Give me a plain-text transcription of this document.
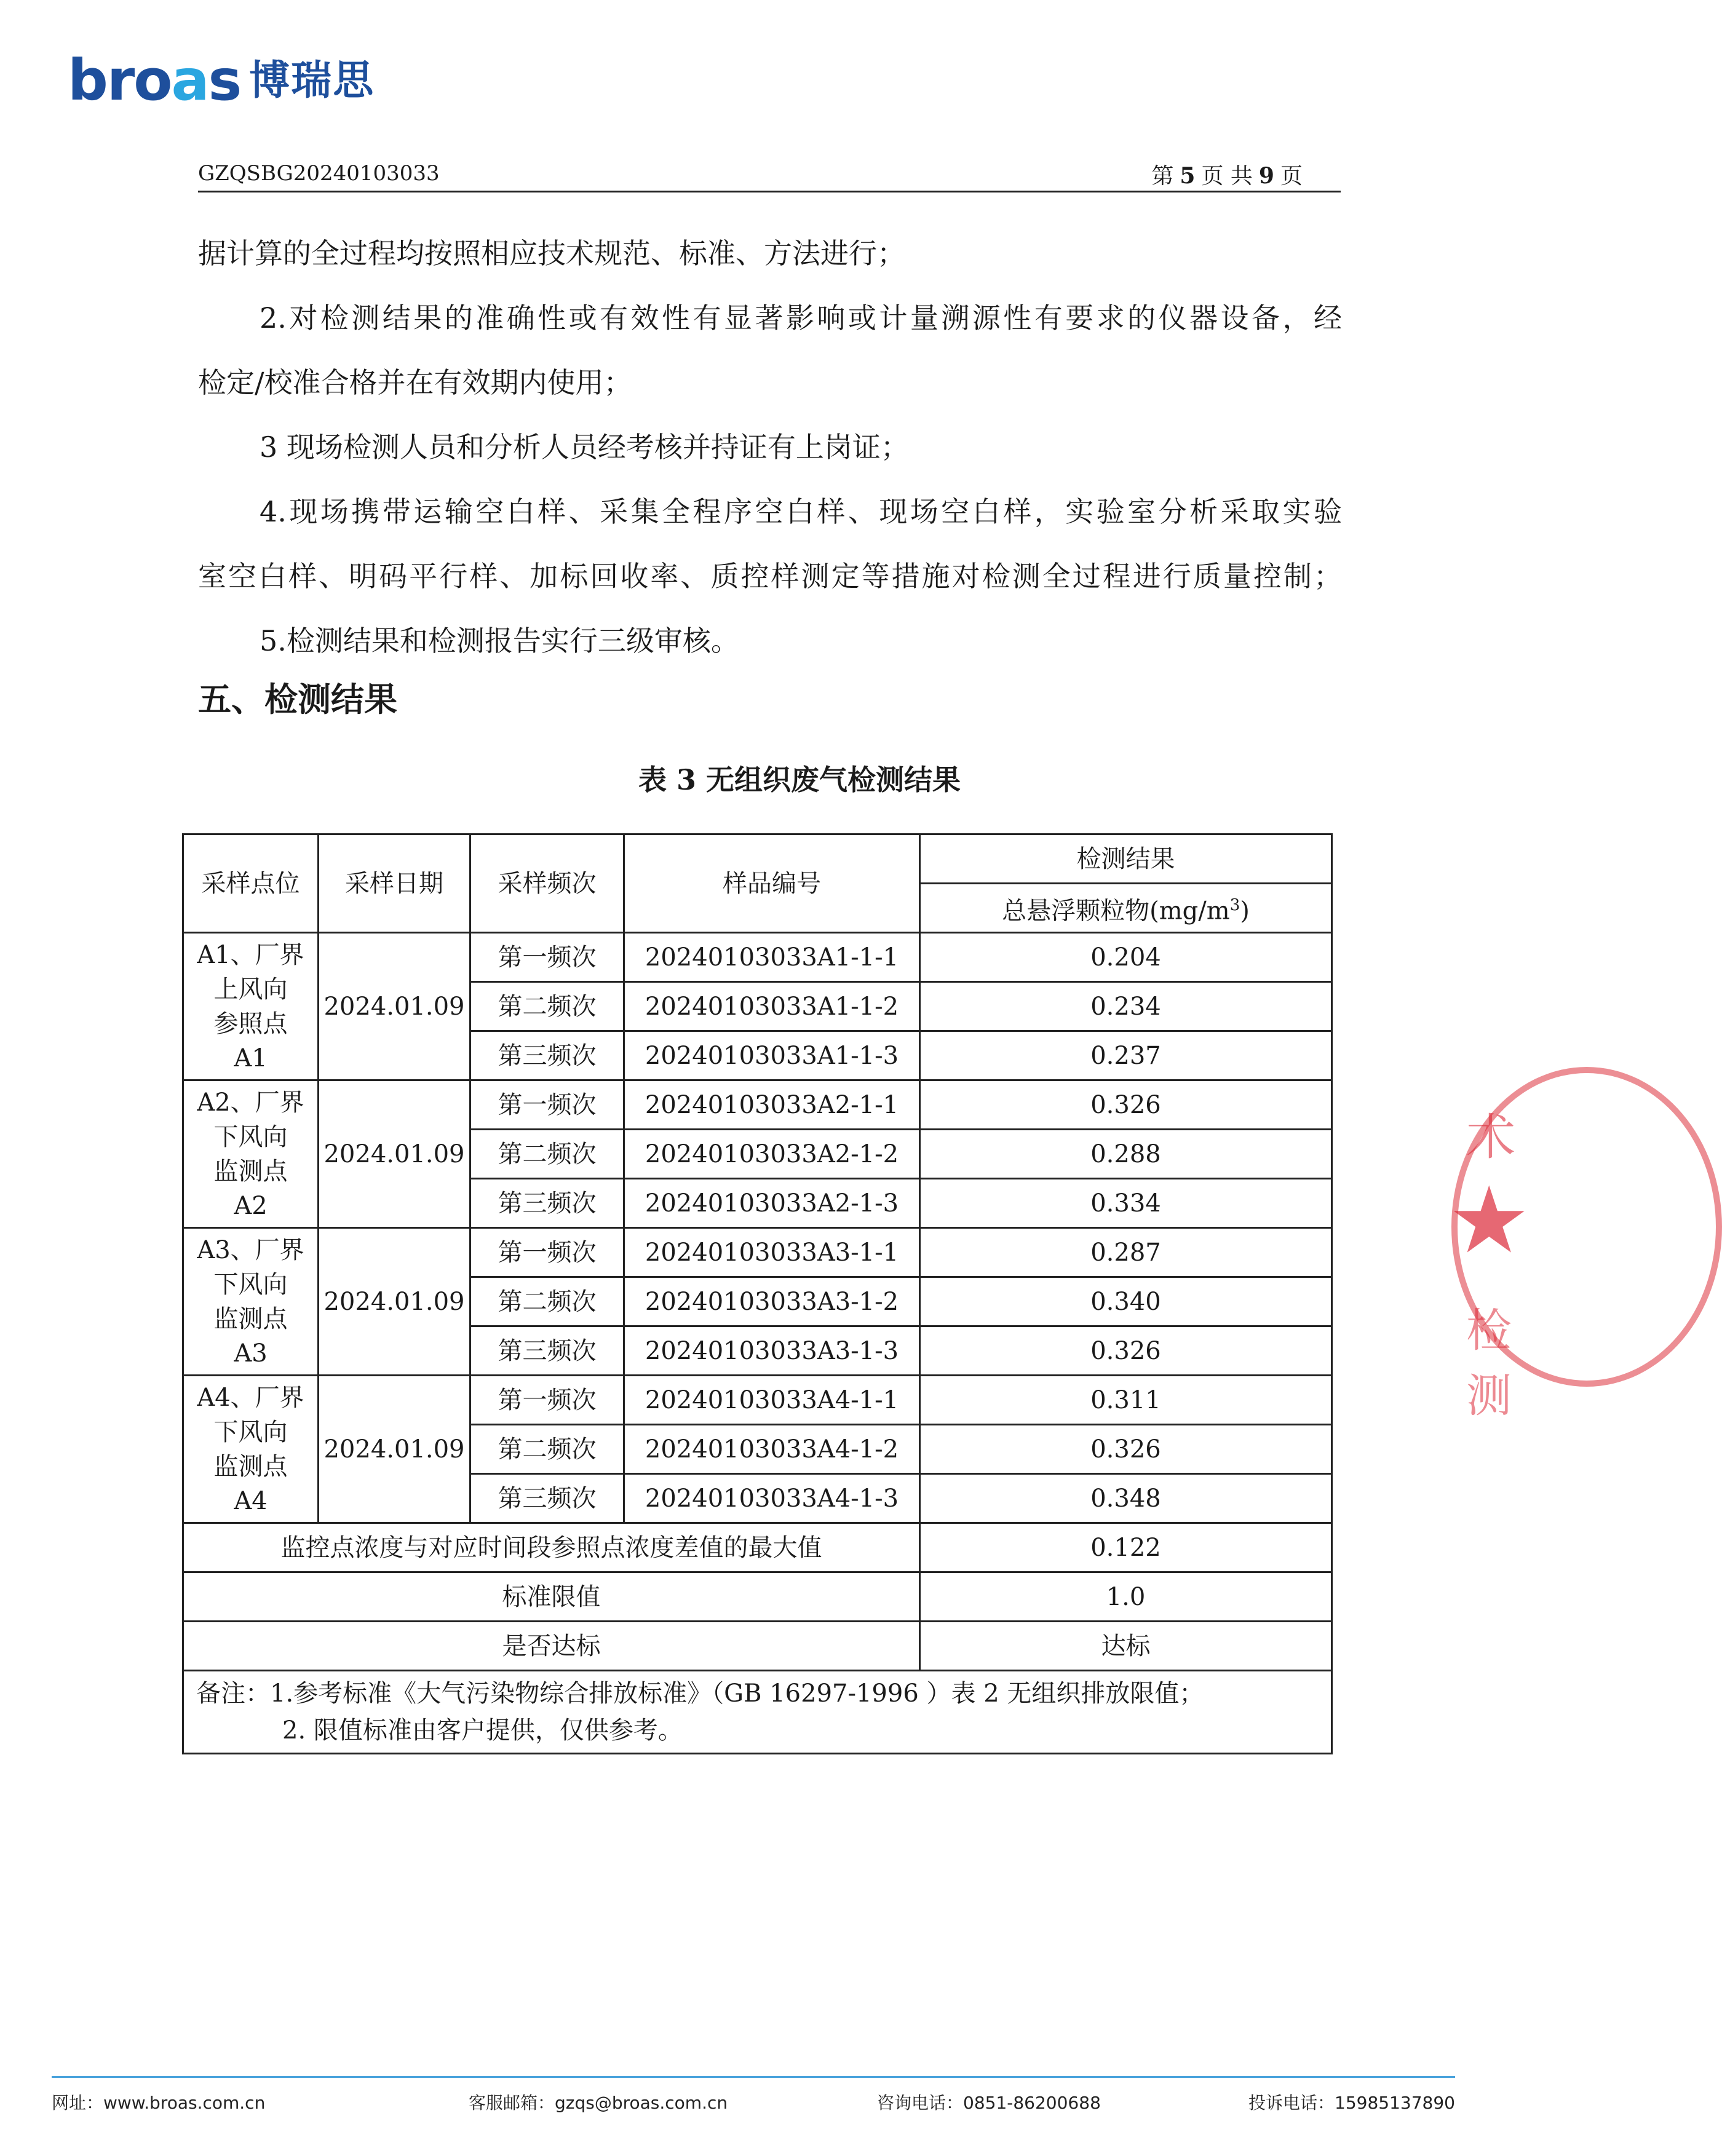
broas 博瑞思
GZQSBG20240103033	第 5 页 共 9 页

据计算的全过程均按照相应技术规范、标准、方法进行；

2.对检测结果的准确性或有效性有显著影响或计量溯源性有要求的仪器设备，经

检定/校准合格并在有效期内使用；

3 现场检测人员和分析人员经考核并持证有上岗证；

4.现场携带运输空白样、采集全程序空白样、现场空白样，实验室分析采取实验

室空白样、明码平行样、加标回收率、质控样测定等措施对检测全过程进行质量控制；

5.检测结果和检测报告实行三级审核。

五、检测结果
表 3 无组织废气检测结果
采样点位	采样日期	采样频次	样品编号	检测结果
				总悬浮颗粒物$(mg/m^3)$

A1、厂界
上风向
参照点
A1	2024.01.09	第一频次	20240103033A1-1-1	0.204
		第二频次	20240103033A1-1-2	0.234
		第三频次	20240103033A1-1-3	0.237

A2、厂界
下风向
监测点
A2	2024.01.09	第一频次	20240103033A2-1-1	0.326
		第二频次	20240103033A2-1-2	0.288
		第三频次	20240103033A2-1-3	0.334

A3、厂界
下风向
监测点
A3	2024.01.09	第一频次	20240103033A3-1-1	0.287
		第二频次	20240103033A3-1-2	0.340
		第三频次	20240103033A3-1-3	0.326

A4、厂界
下风向
监测点
A4	2024.01.09	第一频次	20240103033A4-1-1	0.311
		第二频次	20240103033A4-1-2	0.326
		第三频次	20240103033A4-1-3	0.348
监控点浓度与对应时间段参照点浓度差值的最大值				0.122
标准限值				1.0
是否达标				达标

备注：1.参考标准《大气污染物综合排放标准》（GB 16297-1996 ）表 2 无组织排放限值；
2. 限值标准由客户提供，仅供参考。				
术
★
检测
网址：www.broas.com.cn	客服邮箱：gzqs@broas.com.cn	咨询电话：0851-86200688	投诉电话：15985137890
